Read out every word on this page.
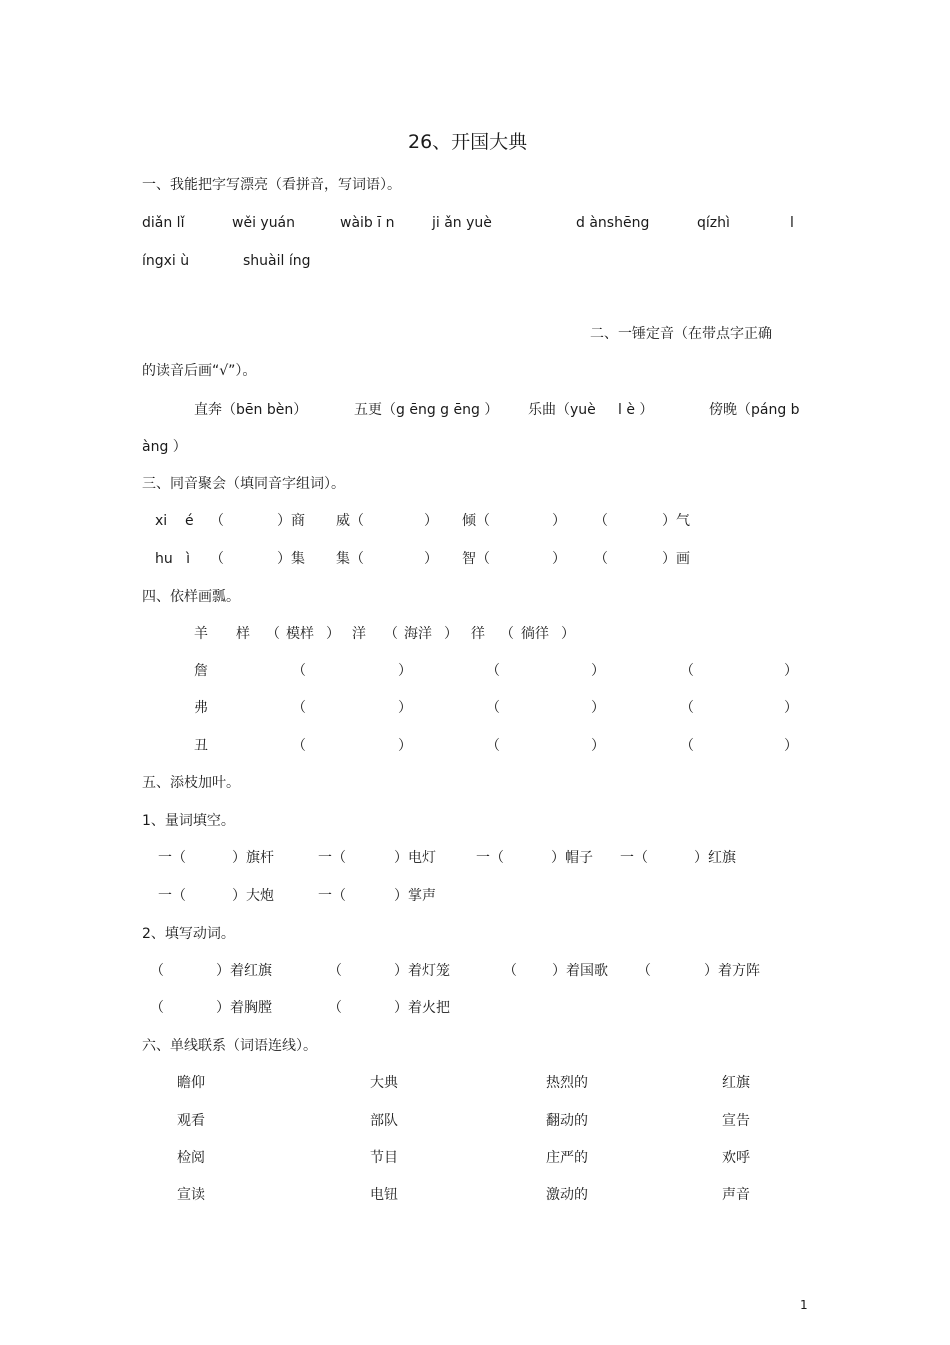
26、开国大典
一、我能把字写漂亮（看拼音，写词语）。
diǎn lǐ	wěi yuán	wàib ī n	ji ǎn yuè	d ànshēng	qízhì	l
íngxi ù	shuàil íng
二、一锤定音（在带点字正确
的读音后画“√”）。
直奔（bēn bèn）	五更（g ēng g ēng ） 乐曲（yuè     l è ）	傍晚（páng b
àng ）
三、同音聚会（填同音字组词）。
xi    é （	）商 威（	） 倾（	） （	）气
hu   ì （	）集 集（	） 智（	） （	）画
四、依样画瓢。
羊 样 （ 模样 ） 洋 （ 海洋 ） 徉 （ 徜徉 ）
詹	（	）	（	）	（	）
弗	（	）	（	）	（	）
丑	（	）	（	）	（	）
五、添枝加叶。
1、量词填空。
一（	）旗杆	一（	）电灯	一（	）帽子 一（	）红旗
一（	）大炮	一（	）掌声
2、填写动词。
（	）着红旗	（	）着灯笼	（	）着国歌 （	）着方阵
（	）着胸膛	（	）着火把
六、单线联系（词语连线）。
瞻仰	大典	热烈的	红旗
观看	部队	翻动的	宣告
检阅	节目	庄严的	欢呼
宣读	电钮	激动的	声音
1
